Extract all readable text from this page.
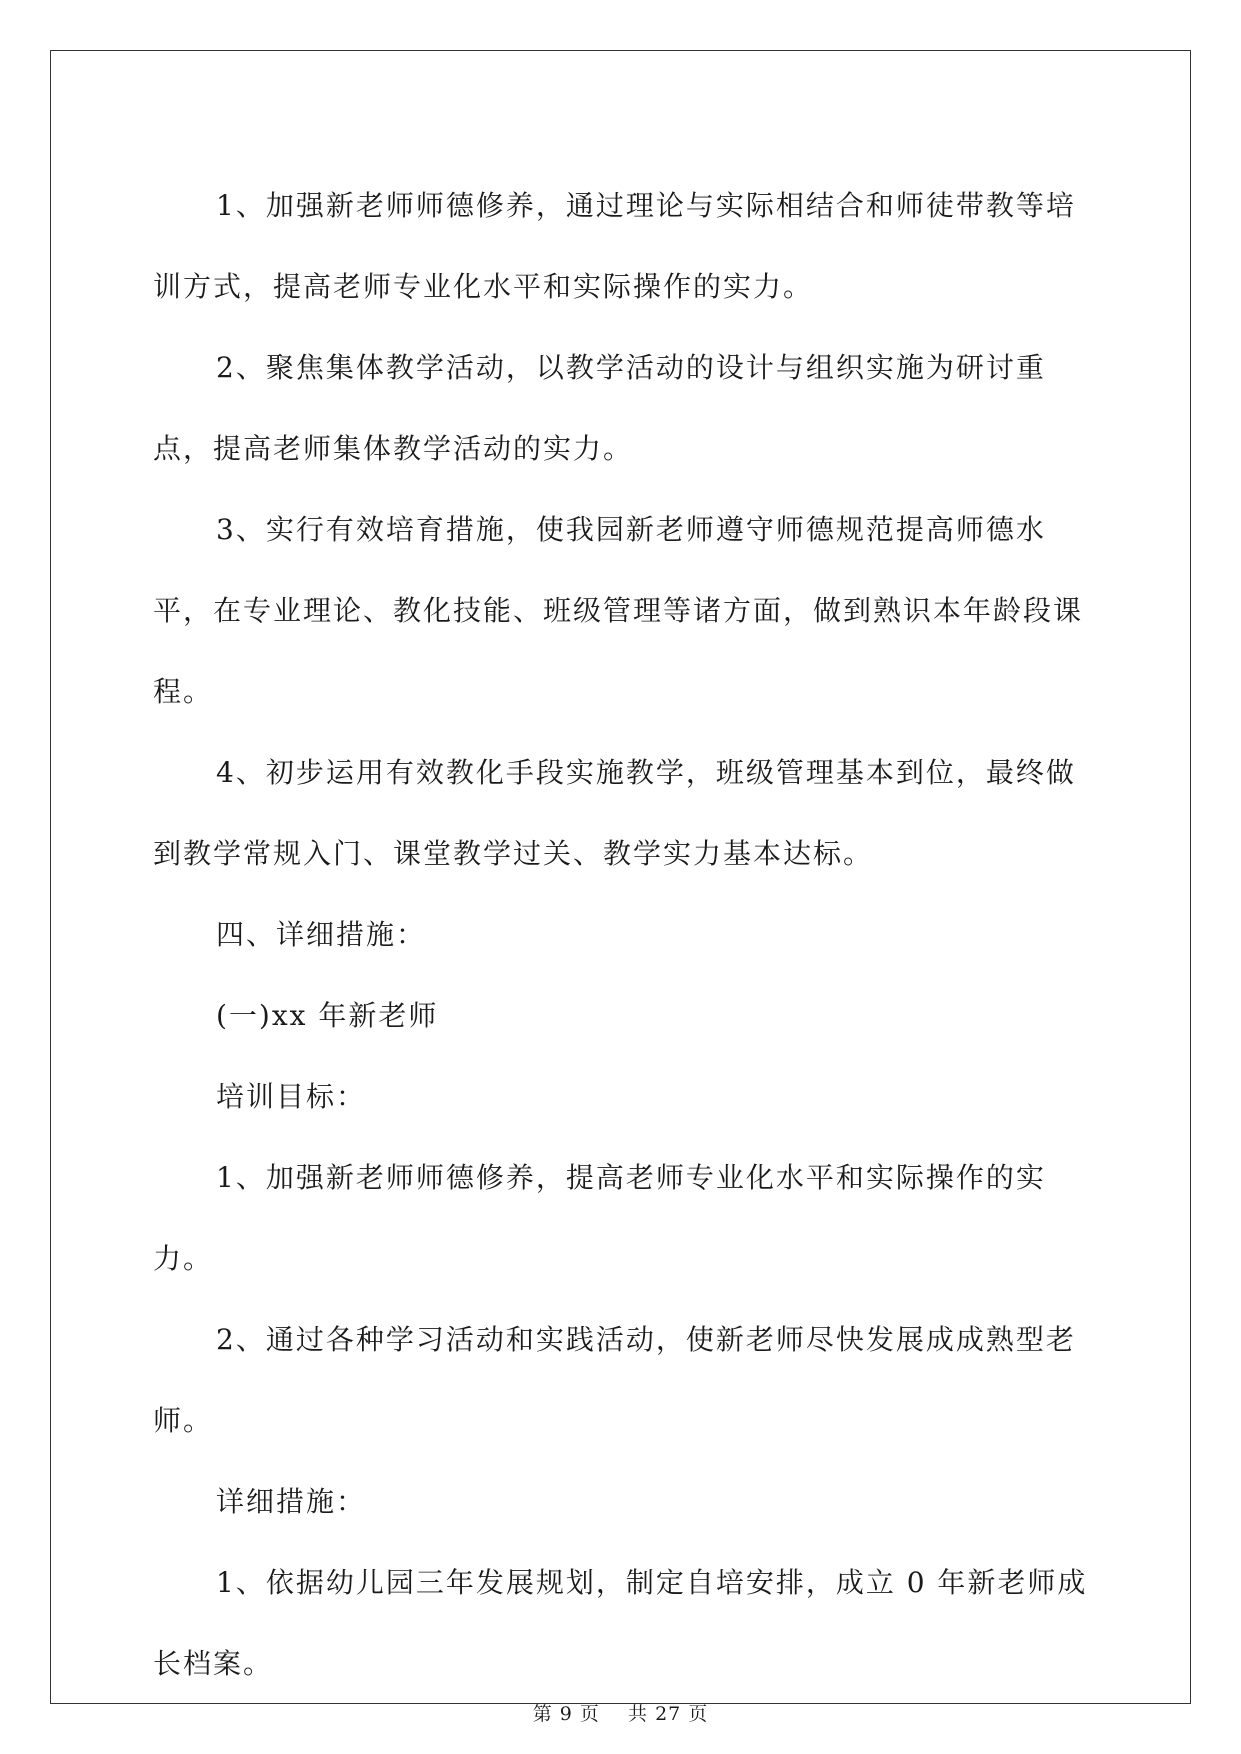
1、加强新老师师德修养，通过理论与实际相结合和师徒带教等培训方式，提高老师专业化水平和实际操作的实力。

2、聚焦集体教学活动，以教学活动的设计与组织实施为研讨重点，提高老师集体教学活动的实力。

3、实行有效培育措施，使我园新老师遵守师德规范提高师德水平，在专业理论、教化技能、班级管理等诸方面，做到熟识本年龄段课程。

4、初步运用有效教化手段实施教学，班级管理基本到位，最终做到教学常规入门、课堂教学过关、教学实力基本达标。

四、详细措施：

(一)xx 年新老师

培训目标：

1、加强新老师师德修养，提高老师专业化水平和实际操作的实力。

2、通过各种学习活动和实践活动，使新老师尽快发展成成熟型老师。

详细措施：

1、依据幼儿园三年发展规划，制定自培安排，成立 0 年新老师成长档案。

第 9 页 共 27 页
